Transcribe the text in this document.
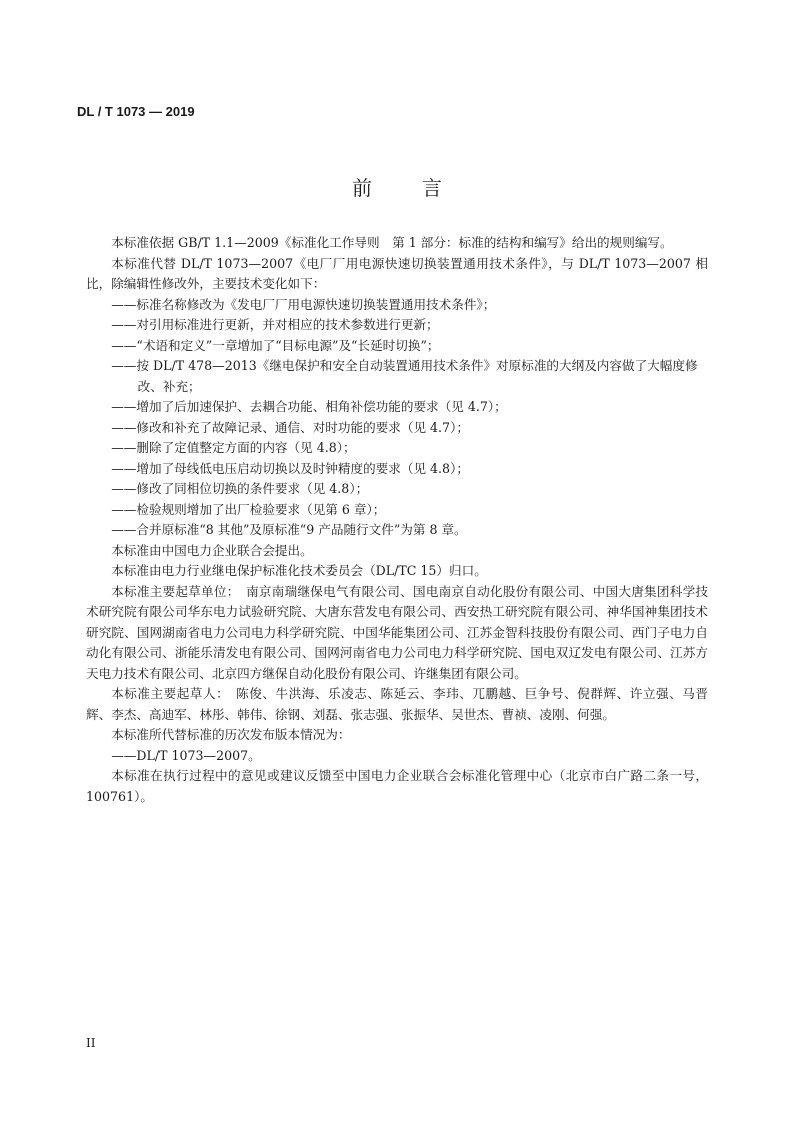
DL / T 1073 — 2019
前	言

本标准依据 GB/T 1.1—2009《标准化工作导则　第 1 部分：标准的结构和编写》给出的规则编写。

本标准代替 DL/T 1073—2007《电厂厂用电源快速切换装置通用技术条件》，与 DL/T 1073—2007 相比，除编辑性修改外，主要技术变化如下：

——标准名称修改为《发电厂厂用电源快速切换装置通用技术条件》；

——对引用标准进行更新，并对相应的技术参数进行更新；

——“术语和定义”一章增加了“目标电源”及“长延时切换”；

——按 DL/T 478—2013《继电保护和安全自动装置通用技术条件》对原标准的大纲及内容做了大幅度修改、补充；

——增加了后加速保护、去耦合功能、相角补偿功能的要求（见 4.7）；

——修改和补充了故障记录、通信、对时功能的要求（见 4.7）；

——删除了定值整定方面的内容（见 4.8）；

——增加了母线低电压启动切换以及时钟精度的要求（见 4.8）；

——修改了同相位切换的条件要求（见 4.8）；

——检验规则增加了出厂检验要求（见第 6 章）；

——合并原标准“8 其他”及原标准“9 产品随行文件”为第 8 章。

本标准由中国电力企业联合会提出。

本标准由电力行业继电保护标准化技术委员会（DL/TC 15）归口。

本标准主要起草单位：　南京南瑞继保电气有限公司、国电南京自动化股份有限公司、中国大唐集团科学技术研究院有限公司华东电力试验研究院、大唐东营发电有限公司、西安热工研究院有限公司、神华国神集团技术研究院、国网湖南省电力公司电力科学研究院、中国华能集团公司、江苏金智科技股份有限公司、西门子电力自动化有限公司、浙能乐清发电有限公司、国网河南省电力公司电力科学研究院、国电双辽发电有限公司、江苏方天电力技术有限公司、北京四方继保自动化股份有限公司、许继集团有限公司。

本标准主要起草人：　陈俊、牛洪海、乐凌志、陈延云、李玮、兀鹏越、巨争号、倪群辉、许立强、马晋辉、李杰、高迪军、林彤、韩伟、徐钢、刘磊、张志强、张振华、吴世杰、曹祯、凌刚、何强。

本标准所代替标准的历次发布版本情况为：

——DL/T 1073—2007。

本标准在执行过程中的意见或建议反馈至中国电力企业联合会标准化管理中心（北京市白广路二条一号，100761）。

II
